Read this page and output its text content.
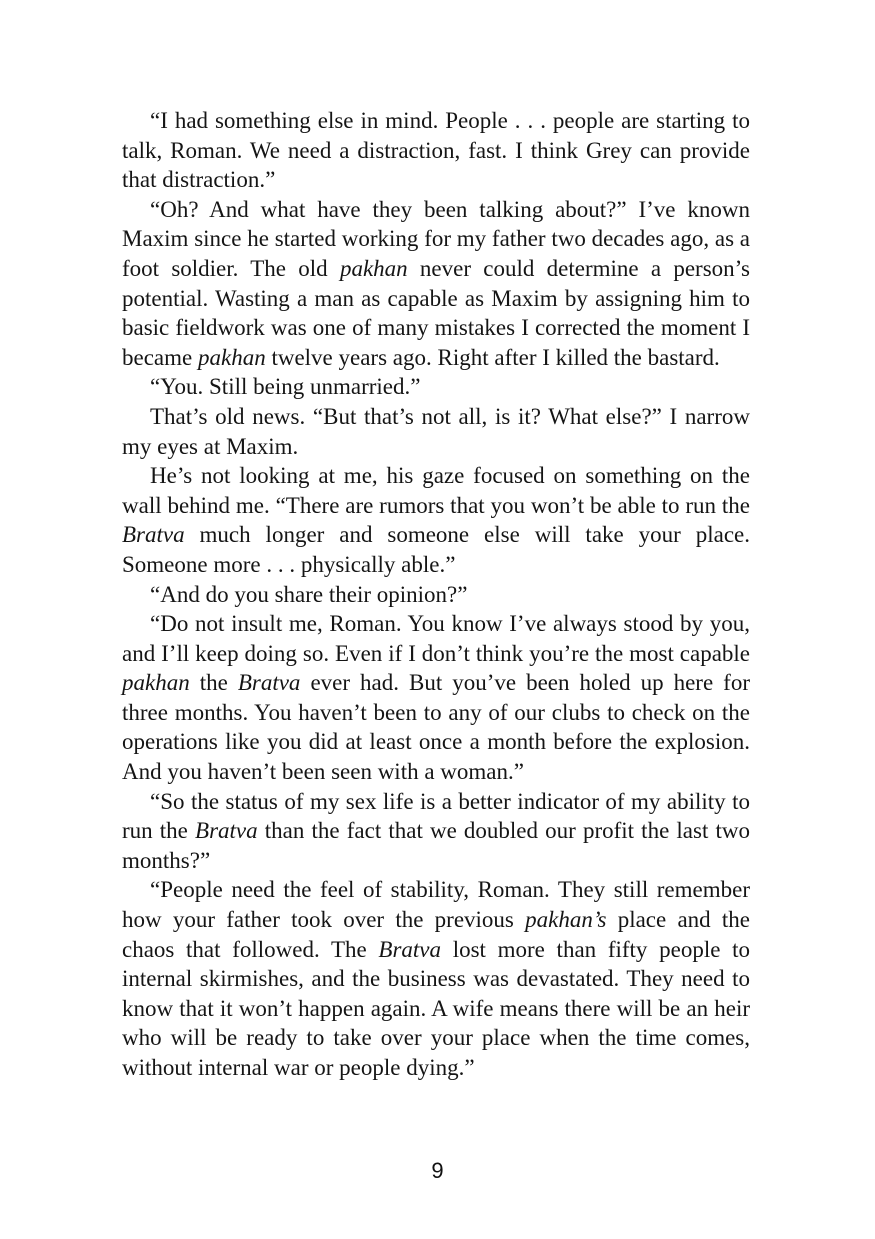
“I had something else in mind. People . . . people are starting to talk, Roman. We need a distraction, fast. I think Grey can provide that distraction.”

“Oh? And what have they been talking about?” I’ve known Maxim since he started working for my father two decades ago, as a foot soldier. The old pakhan never could determine a person’s potential. Wasting a man as capable as Maxim by assigning him to basic fieldwork was one of many mistakes I corrected the moment I became pakhan twelve years ago. Right after I killed the bastard.

“You. Still being unmarried.”

That’s old news. “But that’s not all, is it? What else?” I narrow my eyes at Maxim.

He’s not looking at me, his gaze focused on something on the wall behind me. “There are rumors that you won’t be able to run the Bratva much longer and someone else will take your place. Someone more . . . physically able.”

“And do you share their opinion?”

“Do not insult me, Roman. You know I’ve always stood by you, and I’ll keep doing so. Even if I don’t think you’re the most capable pakhan the Bratva ever had. But you’ve been holed up here for three months. You haven’t been to any of our clubs to check on the operations like you did at least once a month before the explosion. And you haven’t been seen with a woman.”

“So the status of my sex life is a better indicator of my ability to run the Bratva than the fact that we doubled our profit the last two months?”

“People need the feel of stability, Roman. They still remember how your father took over the previous pakhan’s place and the chaos that followed. The Bratva lost more than fifty people to internal skirmishes, and the business was devastated. They need to know that it won’t happen again. A wife means there will be an heir who will be ready to take over your place when the time comes, without internal war or people dying.”

9
